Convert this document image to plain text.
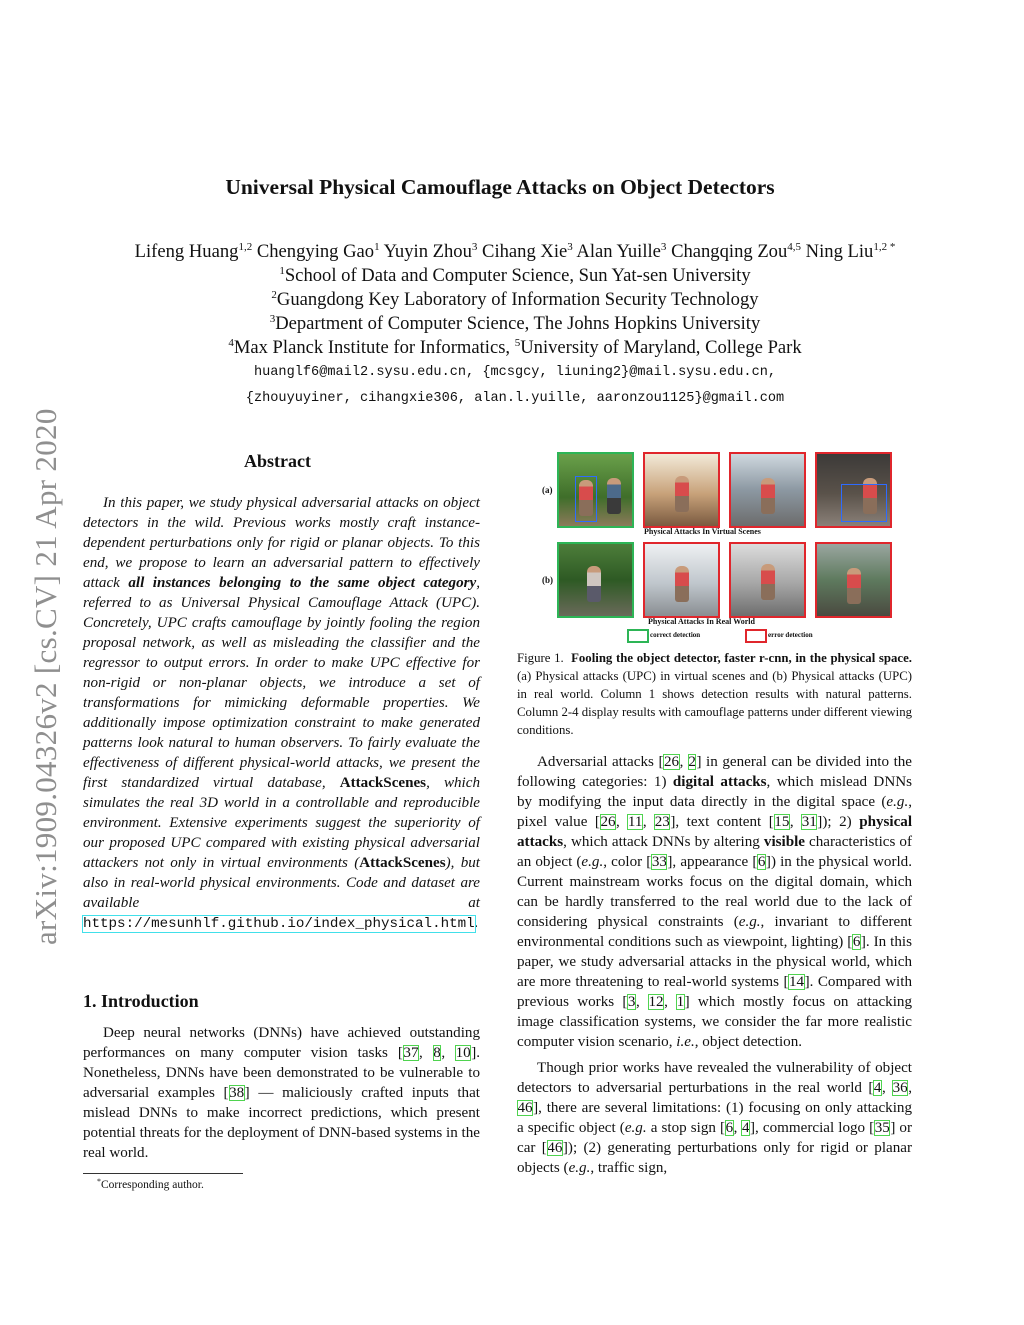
arXiv:1909.04326v2 [cs.CV] 21 Apr 2020
Universal Physical Camouflage Attacks on Object Detectors
Lifeng Huang$^{1,2}$ Chengying Gao$^1$ Yuyin Zhou$^3$ Cihang Xie$^3$ Alan Yuille$^3$ Changqing Zou$^{4,5}$ Ning Liu$^{1,2 *}$
$^1$School of Data and Computer Science, Sun Yat-sen University
$^2$Guangdong Key Laboratory of Information Security Technology
$^3$Department of Computer Science, The Johns Hopkins University
$^4$Max Planck Institute for Informatics, $^5$University of Maryland, College Park
huanglf6@mail2.sysu.edu.cn, {mcsgcy, liuning2}@mail.sysu.edu.cn,
{zhouyuyiner, cihangxie306, alan.l.yuille, aaronzou1125}@gmail.com
Abstract

In this paper, we study physical adversarial attacks on object detectors in the wild. Previous works mostly craft instance-dependent perturbations only for rigid or planar objects. To this end, we propose to learn an adversarial pattern to effectively attack all instances belonging to the same object category, referred to as Universal Physical Camouflage Attack (UPC). Concretely, UPC crafts camouflage by jointly fooling the region proposal network, as well as misleading the classifier and the regressor to output errors. In order to make UPC effective for non-rigid or non-planar objects, we introduce a set of transformations for mimicking deformable properties. We additionally impose optimization constraint to make generated patterns look natural to human observers. To fairly evaluate the effectiveness of different physical-world attacks, we present the first standardized virtual database, AttackScenes, which simulates the real 3D world in a controllable and reproducible environment. Extensive experiments suggest the superiority of our proposed UPC compared with existing physical adversarial attackers not only in virtual environments (AttackScenes), but also in real-world physical environments. Code and dataset are available at https://mesunhlf.github.io/index_physical.html.

1. Introduction

Deep neural networks (DNNs) have achieved outstanding performances on many computer vision tasks [37, 8, 10]. Nonetheless, DNNs have been demonstrated to be vulnerable to adversarial examples [38] — maliciously crafted inputs that mislead DNNs to make incorrect predictions, which present potential threats for the deployment of DNN-based systems in the real world.

*Corresponding author.
(a)
(b)
Physical Attacks In Virtual Scenes
Physical Attacks In Real World
correct detection	error detection
Figure 1. Fooling the object detector, faster r-cnn, in the physical space. (a) Physical attacks (UPC) in virtual scenes and (b) Physical attacks (UPC) in real world. Column 1 shows detection results with natural patterns. Column 2-4 display results with camouflage patterns under different viewing conditions.

Adversarial attacks [26, 2] in general can be divided into the following categories: 1) digital attacks, which mislead DNNs by modifying the input data directly in the digital space (e.g., pixel value [26, 11, 23], text content [15, 31]); 2) physical attacks, which attack DNNs by altering visible characteristics of an object (e.g., color [33], appearance [6]) in the physical world. Current mainstream works focus on the digital domain, which can be hardly transferred to the real world due to the lack of considering physical constraints (e.g., invariant to different environmental conditions such as viewpoint, lighting) [6]. In this paper, we study adversarial attacks in the physical world, which are more threatening to real-world systems [14]. Compared with previous works [3, 12, 1] which mostly focus on attacking image classification systems, we consider the far more realistic computer vision scenario, i.e., object detection.

Though prior works have revealed the vulnerability of object detectors to adversarial perturbations in the real world [4, 36, 46], there are several limitations: (1) focusing on only attacking a specific object (e.g. a stop sign [6, 4], commercial logo [35] or car [46]); (2) generating perturbations only for rigid or planar objects (e.g., traffic sign,
